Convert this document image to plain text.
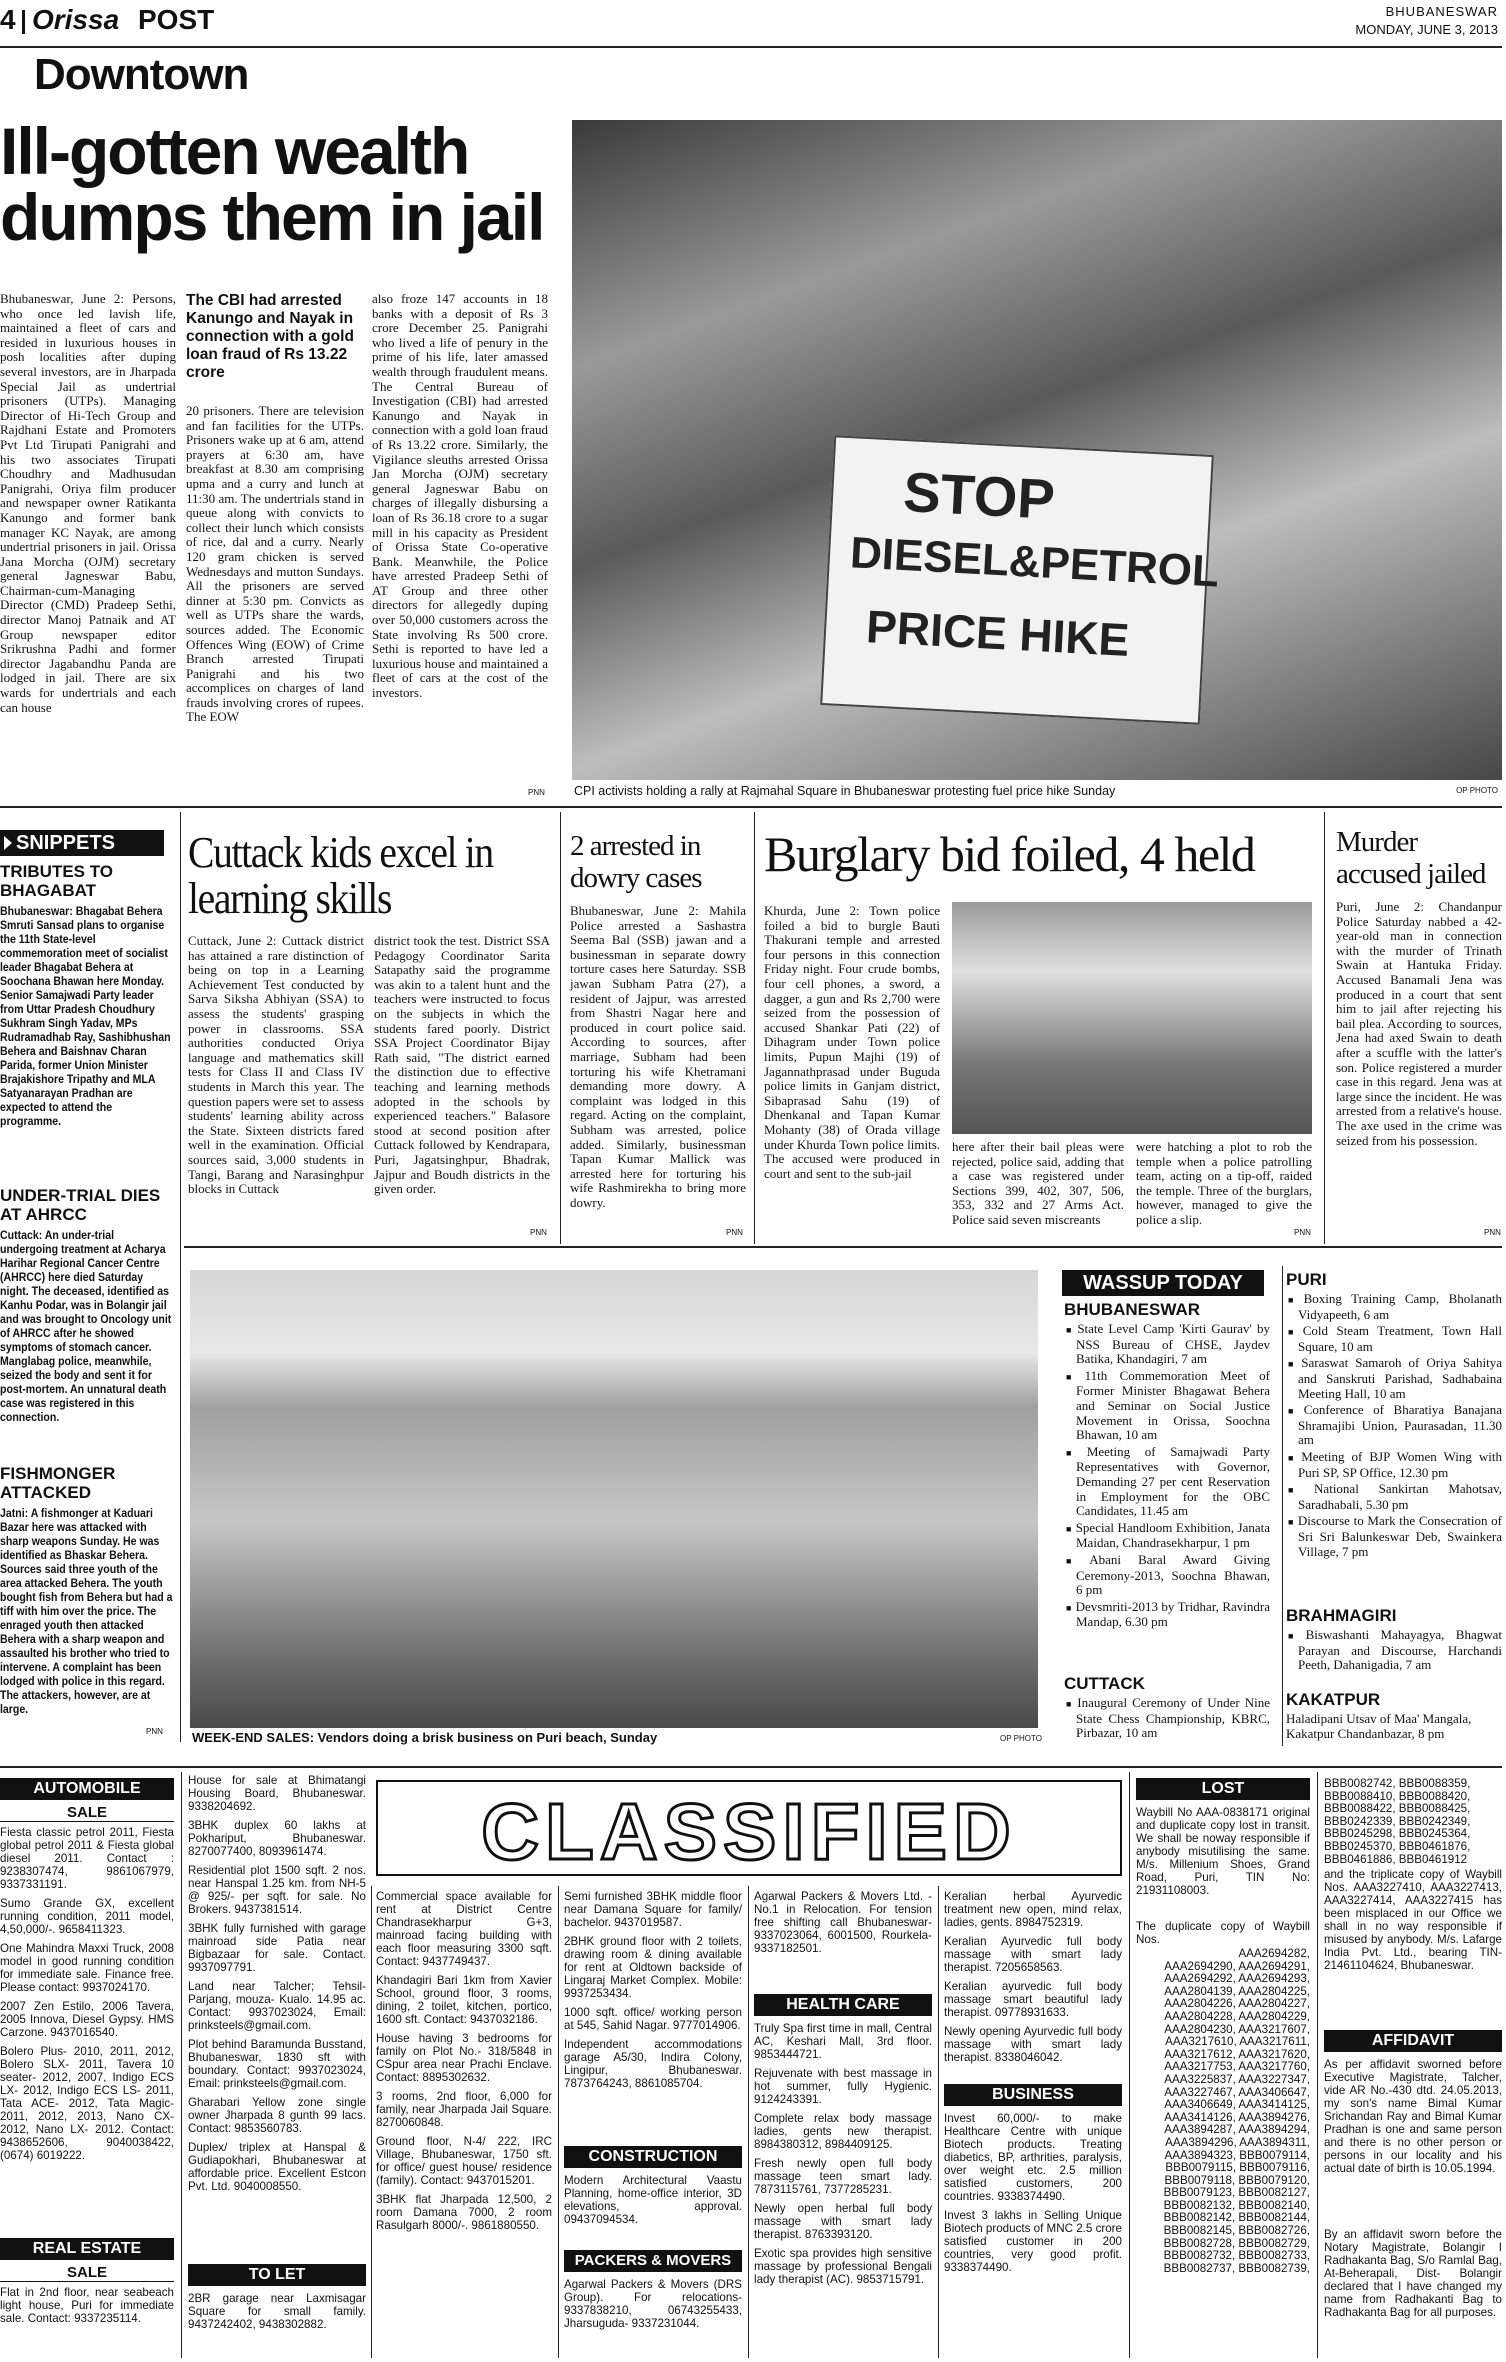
4 Orissa POST	BHUBANESWAR
MONDAY, JUNE 3, 2013
Downtown
Ill-gotten wealth dumps them in jail
Bhubaneswar, June 2: Persons, who once led lavish life, maintained a fleet of cars and resided in luxurious houses in posh localities after duping several investors, are in Jharpada Special Jail as undertrial prisoners (UTPs). Managing Director of Hi-Tech Group and Rajdhani Estate and Promoters Pvt Ltd Tirupati Panigrahi and his two associates Tirupati Choudhry and Madhusudan Panigrahi, Oriya film producer and newspaper owner Ratikanta Kanungo and former bank manager KC Nayak, are among undertrial prisoners in jail. Orissa Jana Morcha (OJM) secretary general Jagneswar Babu, Chairman-cum-Managing Director (CMD) Pradeep Sethi, director Manoj Patnaik and AT Group newspaper editor Srikrushna Padhi and former director Jagabandhu Panda are lodged in jail. There are six wards for undertrials and each can house
The CBI had arrested Kanungo and Nayak in connection with a gold loan fraud of Rs 13.22 crore
20 prisoners. There are television and fan facilities for the UTPs. Prisoners wake up at 6 am, attend prayers at 6:30 am, have breakfast at 8.30 am comprising upma and a curry and lunch at 11:30 am. The undertrials stand in queue along with convicts to collect their lunch which consists of rice, dal and a curry. Nearly 120 gram chicken is served Wednesdays and mutton Sundays. All the prisoners are served dinner at 5:30 pm. Convicts as well as UTPs share the wards, sources added. The Economic Offences Wing (EOW) of Crime Branch arrested Tirupati Panigrahi and his two accomplices on charges of land frauds involving crores of rupees. The EOW
also froze 147 accounts in 18 banks with a deposit of Rs 3 crore December 25. Panigrahi who lived a life of penury in the prime of his life, later amassed wealth through fraudulent means. The Central Bureau of Investigation (CBI) had arrested Kanungo and Nayak in connection with a gold loan fraud of Rs 13.22 crore. Similarly, the Vigilance sleuths arrested Orissa Jan Morcha (OJM) secretary general Jagneswar Babu on charges of illegally disbursing a loan of Rs 36.18 crore to a sugar mill in his capacity as President of Orissa State Co-operative Bank. Meanwhile, the Police have arrested Pradeep Sethi of AT Group and three other directors for allegedly duping over 50,000 customers across the State involving Rs 500 crore. Sethi is reported to have led a luxurious house and maintained a fleet of cars at the cost of the investors.
PNN
STOP
DIESEL&PETROL
PRICE HIKE
CPI activists holding a rally at Rajmahal Square in Bhubaneswar protesting fuel price hike Sunday	OP PHOTO
SNIPPETS
TRIBUTES TO BHAGABAT
Bhubaneswar: Bhagabat Behera Smruti Sansad plans to organise the 11th State-level commemoration meet of socialist leader Bhagabat Behera at Soochana Bhawan here Monday. Senior Samajwadi Party leader from Uttar Pradesh Choudhury Sukhram Singh Yadav, MPs Rudramadhab Ray, Sashibhushan Behera and Baishnav Charan Parida, former Union Minister Brajakishore Tripathy and MLA Satyanarayan Pradhan are expected to attend the programme.
UNDER-TRIAL DIES AT AHRCC
Cuttack: An under-trial undergoing treatment at Acharya Harihar Regional Cancer Centre (AHRCC) here died Saturday night. The deceased, identified as Kanhu Podar, was in Bolangir jail and was brought to Oncology unit of AHRCC after he showed symptoms of stomach cancer. Manglabag police, meanwhile, seized the body and sent it for post-mortem. An unnatural death case was registered in this connection.
FISHMONGER ATTACKED
Jatni: A fishmonger at Kaduari Bazar here was attacked with sharp weapons Sunday. He was identified as Bhaskar Behera. Sources said three youth of the area attacked Behera. The youth bought fish from Behera but had a tiff with him over the price. The enraged youth then attacked Behera with a sharp weapon and assaulted his brother who tried to intervene. A complaint has been lodged with police in this regard. The attackers, however, are at large.
PNN
Cuttack kids excel in learning skills
Cuttack, June 2: Cuttack district has attained a rare distinction of being on top in a Learning Achievement Test conducted by Sarva Siksha Abhiyan (SSA) to assess the students' grasping power in classrooms. SSA authorities conducted Oriya language and mathematics skill tests for Class II and Class IV students in March this year. The question papers were set to assess students' learning ability across the State. Sixteen districts fared well in the examination. Official sources said, 3,000 students in Tangi, Barang and Narasinghpur blocks in Cuttack
district took the test. District SSA Pedagogy Coordinator Sarita Satapathy said the programme was akin to a talent hunt and the teachers were instructed to focus on the subjects in which the students fared poorly. District SSA Project Coordinator Bijay Rath said, "The district earned the distinction due to effective teaching and learning methods adopted in the schools by experienced teachers." Balasore stood at second position after Cuttack followed by Kendrapara, Puri, Jagatsinghpur, Bhadrak, Jajpur and Boudh districts in the given order.
PNN
2 arrested in dowry cases
Bhubaneswar, June 2: Mahila Police arrested a Sashastra Seema Bal (SSB) jawan and a businessman in separate dowry torture cases here Saturday. SSB jawan Subham Patra (27), a resident of Jajpur, was arrested from Shastri Nagar here and produced in court police said. According to sources, after marriage, Subham had been torturing his wife Khetramani demanding more dowry. A complaint was lodged in this regard. Acting on the complaint, Subham was arrested, police added. Similarly, businessman Tapan Kumar Mallick was arrested here for torturing his wife Rashmirekha to bring more dowry.
PNN
Burglary bid foiled, 4 held
Khurda, June 2: Town police foiled a bid to burgle Bauti Thakurani temple and arrested four persons in this connection Friday night. Four crude bombs, four cell phones, a sword, a dagger, a gun and Rs 2,700 were seized from the possession of accused Shankar Pati (22) of Dihagram under Town police limits, Pupun Majhi (19) of Jagannathprasad under Buguda police limits in Ganjam district, Sibaprasad Sahu (19) of Dhenkanal and Tapan Kumar Mohanty (38) of Orada village under Khurda Town police limits. The accused were produced in court and sent to the sub-jail
here after their bail pleas were rejected, police said, adding that a case was registered under Sections 399, 402, 307, 506, 353, 332 and 27 Arms Act. Police said seven miscreants
were hatching a plot to rob the temple when a police patrolling team, acting on a tip-off, raided the temple. Three of the burglars, however, managed to give the police a slip.
PNN
Murder accused jailed
Puri, June 2: Chandanpur Police Saturday nabbed a 42-year-old man in connection with the murder of Trinath Swain at Hantuka Friday. Accused Banamali Jena was produced in a court that sent him to jail after rejecting his bail plea. According to sources, Jena had axed Swain to death after a scuffle with the latter's son. Police registered a murder case in this regard. Jena was at large since the incident. He was arrested from a relative's house. The axe used in the crime was seized from his possession.
PNN
WEEK-END SALES: Vendors doing a brisk business on Puri beach, Sunday	OP PHOTO
WASSUP TODAY
BHUBANESWAR

■ State Level Camp 'Kirti Gaurav' by NSS Bureau of CHSE, Jaydev Batika, Khandagiri, 7 am

■ 11th Commemoration Meet of Former Minister Bhagawat Behera and Seminar on Social Justice Movement in Orissa, Soochna Bhawan, 10 am

■ Meeting of Samajwadi Party Representatives with Governor, Demanding 27 per cent Reservation in Employment for the OBC Candidates, 11.45 am

■ Special Handloom Exhibition, Janata Maidan, Chandrasekharpur, 1 pm

■ Abani Baral Award Giving Ceremony-2013, Soochna Bhawan, 6 pm

■ Devsmriti-2013 by Tridhar, Ravindra Mandap, 6.30 pm

CUTTACK

■ Inaugural Ceremony of Under Nine State Chess Championship, KBRC, Pirbazar, 10 am

PURI

■ Boxing Training Camp, Bholanath Vidyapeeth, 6 am

■ Cold Steam Treatment, Town Hall Square, 10 am

■ Saraswat Samaroh of Oriya Sahitya and Sanskruti Parishad, Sadhabaina Meeting Hall, 10 am

■ Conference of Bharatiya Banajana Shramajibi Union, Paurasadan, 11.30 am

■ Meeting of BJP Women Wing with Puri SP, SP Office, 12.30 pm

■ National Sankirtan Mahotsav, Saradhabali, 5.30 pm

■ Discourse to Mark the Consecration of Sri Sri Balunkeswar Deb, Swainkera Village, 7 pm

BRAHMAGIRI

■ Biswashanti Mahayagya, Bhagwat Parayan and Discourse, Harchandi Peeth, Dahanigadia, 7 am

KAKATPUR
Haladipani Utsav of Maa' Mangala, Kakatpur Chandanbazar, 8 pm
AUTOMOBILE
SALE

Fiesta classic petrol 2011, Fiesta global petrol 2011 & Fiesta global diesel 2011. Contact : 9238307474, 9861067979, 9337331191.

Sumo Grande GX, excellent running condition, 2011 model, 4,50,000/-. 9658411323.

One Mahindra Maxxi Truck, 2008 model in good running condition for immediate sale. Finance free. Please contact: 9937024170.

2007 Zen Estilo, 2006 Tavera, 2005 Innova, Diesel Gypsy. HMS Carzone. 9437016540.

Bolero Plus- 2010, 2011, 2012, Bolero SLX- 2011, Tavera 10 seater- 2012, 2007, Indigo ECS LX- 2012, Indigo ECS LS- 2011, Tata ACE- 2012, Tata Magic- 2011, 2012, 2013, Nano CX- 2012, Nano LX- 2012. Contact: 9438652606, 9040038422, (0674) 6019222.

REAL ESTATE
SALE

Flat in 2nd floor, near seabeach light house, Puri for immediate sale. Contact: 9337235114.

House for sale at Bhimatangi Housing Board, Bhubaneswar. 9338204692.

3BHK duplex 60 lakhs at Pokhariput, Bhubaneswar. 8270077400, 8093961474.

Residential plot 1500 sqft. 2 nos. near Hanspal 1.25 km. from NH-5 @ 925/- per sqft. for sale. No Brokers. 9437381514.

3BHK fully furnished with garage mainroad side Patia near Bigbazaar for sale. Contact. 9937097791.

Land near Talcher; Tehsil- Parjang, mouza- Kualo. 14.95 ac. Contact: 9937023024, Email: prinksteels@gmail.com.

Plot behind Baramunda Busstand, Bhubaneswar, 1830 sft with boundary. Contact: 9937023024, Email: prinksteels@gmail.com.

Gharabari Yellow zone single owner Jharpada 8 gunth 99 lacs. Contact: 9853560783.

Duplex/ triplex at Hanspal & Gudiapokhari, Bhubaneswar at affordable price. Excellent Estcon Pvt. Ltd. 9040008550.

TO LET

2BR garage near Laxmisagar Square for small family. 9437242402, 9438302882.

CLASSIFIED

Commercial space available for rent at District Centre Chandrasekharpur G+3, mainroad facing building with each floor measuring 3300 sqft. Contact: 9437749437.

Khandagiri Bari 1km from Xavier School, ground floor, 3 rooms, dining, 2 toilet, kitchen, portico, 1600 sft. Contact: 9437032186.

House having 3 bedrooms for family on Plot No.- 318/5848 in CSpur area near Prachi Enclave. Contact: 8895302632.

3 rooms, 2nd floor, 6,000 for family, near Jharpada Jail Square. 8270060848.

Ground floor, N-4/ 222, IRC Village, Bhubaneswar, 1750 sft. for office/ guest house/ residence (family). Contact: 9437015201.

3BHK flat Jharpada 12,500, 2 room Damana 7000, 2 room Rasulgarh 8000/-. 9861880550.

Semi furnished 3BHK middle floor near Damana Square for family/ bachelor. 9437019587.

2BHK ground floor with 2 toilets, drawing room & dining available for rent at Oldtown backside of Lingaraj Market Complex. Mobile: 9937253434.

1000 sqft. office/ working person at 545, Sahid Nagar. 9777014906.

Independent accommodations garage A5/30, Indira Colony, Lingipur, Bhubaneswar. 7873764243, 8861085704.

CONSTRUCTION

Modern Architectural Vaastu Planning, home-office interior, 3D elevations, approval. 09437094534.

PACKERS & MOVERS

Agarwal Packers & Movers (DRS Group). For relocations- 9337838210, 06743255433, Jharsuguda- 9337231044.

Agarwal Packers & Movers Ltd. - No.1 in Relocation. For tension free shifting call Bhubaneswar- 9337023064, 6001500, Rourkela-9337182501.

HEALTH CARE

Truly Spa first time in mall, Central AC, Keshari Mall, 3rd floor. 9853444721.

Rejuvenate with best massage in hot summer, fully Hygienic. 9124243391.

Complete relax body massage ladies, gents new therapist. 8984380312, 8984409125.

Fresh newly open full body massage teen smart lady. 7873115761, 7377285231.

Newly open herbal full body massage with smart lady therapist. 8763393120.

Exotic spa provides high sensitive massage by professional Bengali lady therapist (AC). 9853715791.

Keralian herbal Ayurvedic treatment new open, mind relax, ladies, gents. 8984752319.

Keralian Ayurvedic full body massage with smart lady therapist. 7205658563.

Keralian ayurvedic full body massage smart beautiful lady therapist. 09778931633.

Newly opening Ayurvedic full body massage with smart lady therapist. 8338046042.

BUSINESS

Invest 60,000/- to make Healthcare Centre with unique Biotech products. Treating diabetics, BP, arthrities, paralysis, over weight etc. 2.5 million satisfied customers, 200 countries. 9338374490.

Invest 3 lakhs in Selling Unique Biotech products of MNC 2.5 crore satisfied customer in 200 countries, very good profit. 9338374490.

LOST
Waybill No AAA-0838171 original and duplicate copy lost in transit. We shall be noway responsible if anybody misutilising the same. M/s. Millenium Shoes, Grand Road, Puri, TIN No: 21931108003.
The duplicate copy of Waybill Nos.
AAA2694282,
AAA2694290, AAA2694291,
AAA2694292, AAA2694293,
AAA2804139, AAA2804225,
AAA2804226, AAA2804227,
AAA2804228, AAA2804229,
AAA2804230, AAA3217607,
AAA3217610, AAA3217611,
AAA3217612, AAA3217620,
AAA3217753, AAA3217760,
AAA3225837, AAA3227347,
AAA3227467, AAA3406647,
AAA3406649, AAA3414125,
AAA3414126, AAA3894276,
AAA3894287, AAA3894294,
AAA3894296, AAA3894311,
AAA3894323, BBB0079114,
BBB0079115, BBB0079116,
BBB0079118, BBB0079120,
BBB0079123, BBB0082127,
BBB0082132, BBB0082140,
BBB0082142, BBB0082144,
BBB0082145, BBB0082726,
BBB0082728, BBB0082729,
BBB0082732, BBB0082733,
BBB0082737, BBB0082739,
BBB0082742, BBB0088359,
BBB0088410, BBB0088420,
BBB0088422, BBB0088425,
BBB0242339, BBB0242349,
BBB0245298, BBB0245364,
BBB0245370, BBB0461876,
BBB0461886, BBB0461912
and the triplicate copy of Waybill Nos. AAA3227410, AAA3227413, AAA3227414, AAA3227415 has been misplaced in our Office we shall in no way responsible if misused by anybody. M/s. Lafarge India Pvt. Ltd., bearing TIN- 21461104624, Bhubaneswar.
AFFIDAVIT
As per affidavit sworned before Executive Magistrate, Talcher, vide AR No.-430 dtd. 24.05.2013, my son's name Bimal Kumar Srichandan Ray and Bimal Kumar Pradhan is one and same person and there is no other person or persons in our locality and his actual date of birth is 10.05.1994.
By an affidavit sworn before the Notary Magistrate, Bolangir I Radhakanta Bag, S/o Ramlal Bag, At-Beherapali, Dist- Bolangir declared that I have changed my name from Radhakanti Bag to Radhakanta Bag for all purposes.
